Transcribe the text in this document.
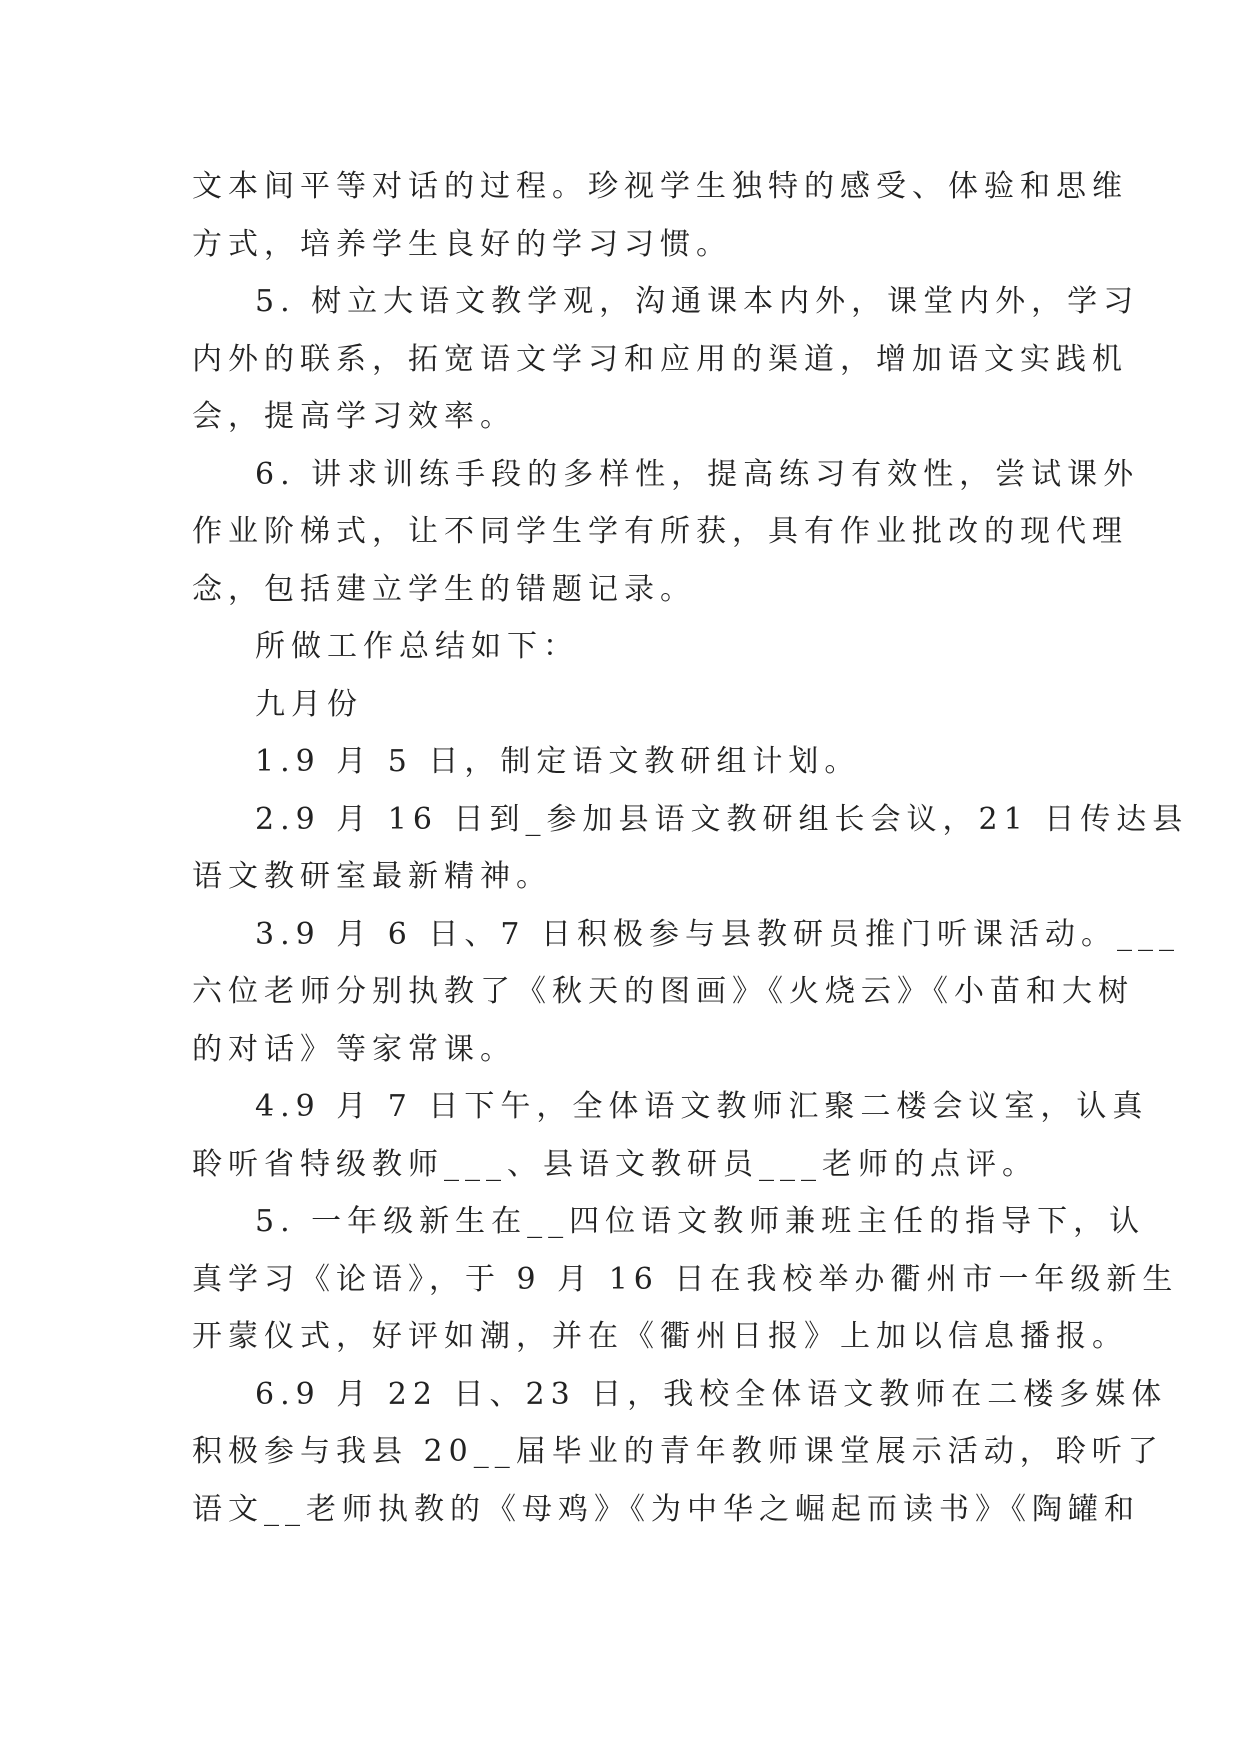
文本间平等对话的过程。珍视学生独特的感受、体验和思维
方式，培养学生良好的学习习惯。
5. 树立大语文教学观，沟通课本内外，课堂内外，学习
内外的联系，拓宽语文学习和应用的渠道，增加语文实践机
会，提高学习效率。
6. 讲求训练手段的多样性，提高练习有效性，尝试课外
作业阶梯式，让不同学生学有所获，具有作业批改的现代理
念，包括建立学生的错题记录。
所做工作总结如下：
九月份
1.9 月 5 日，制定语文教研组计划。
2.9 月 16 日到_参加县语文教研组长会议，21 日传达县
语文教研室最新精神。
3.9 月 6 日、7 日积极参与县教研员推门听课活动。___
六位老师分别执教了《秋天的图画》《火烧云》《小苗和大树
的对话》等家常课。
4.9 月 7 日下午，全体语文教师汇聚二楼会议室，认真
聆听省特级教师___、县语文教研员___老师的点评。
5. 一年级新生在__四位语文教师兼班主任的指导下，认
真学习《论语》，于 9 月 16 日在我校举办衢州市一年级新生
开蒙仪式，好评如潮，并在《衢州日报》上加以信息播报。
6.9 月 22 日、23 日，我校全体语文教师在二楼多媒体
积极参与我县 20__届毕业的青年教师课堂展示活动，聆听了
语文__老师执教的《母鸡》《为中华之崛起而读书》《陶罐和
